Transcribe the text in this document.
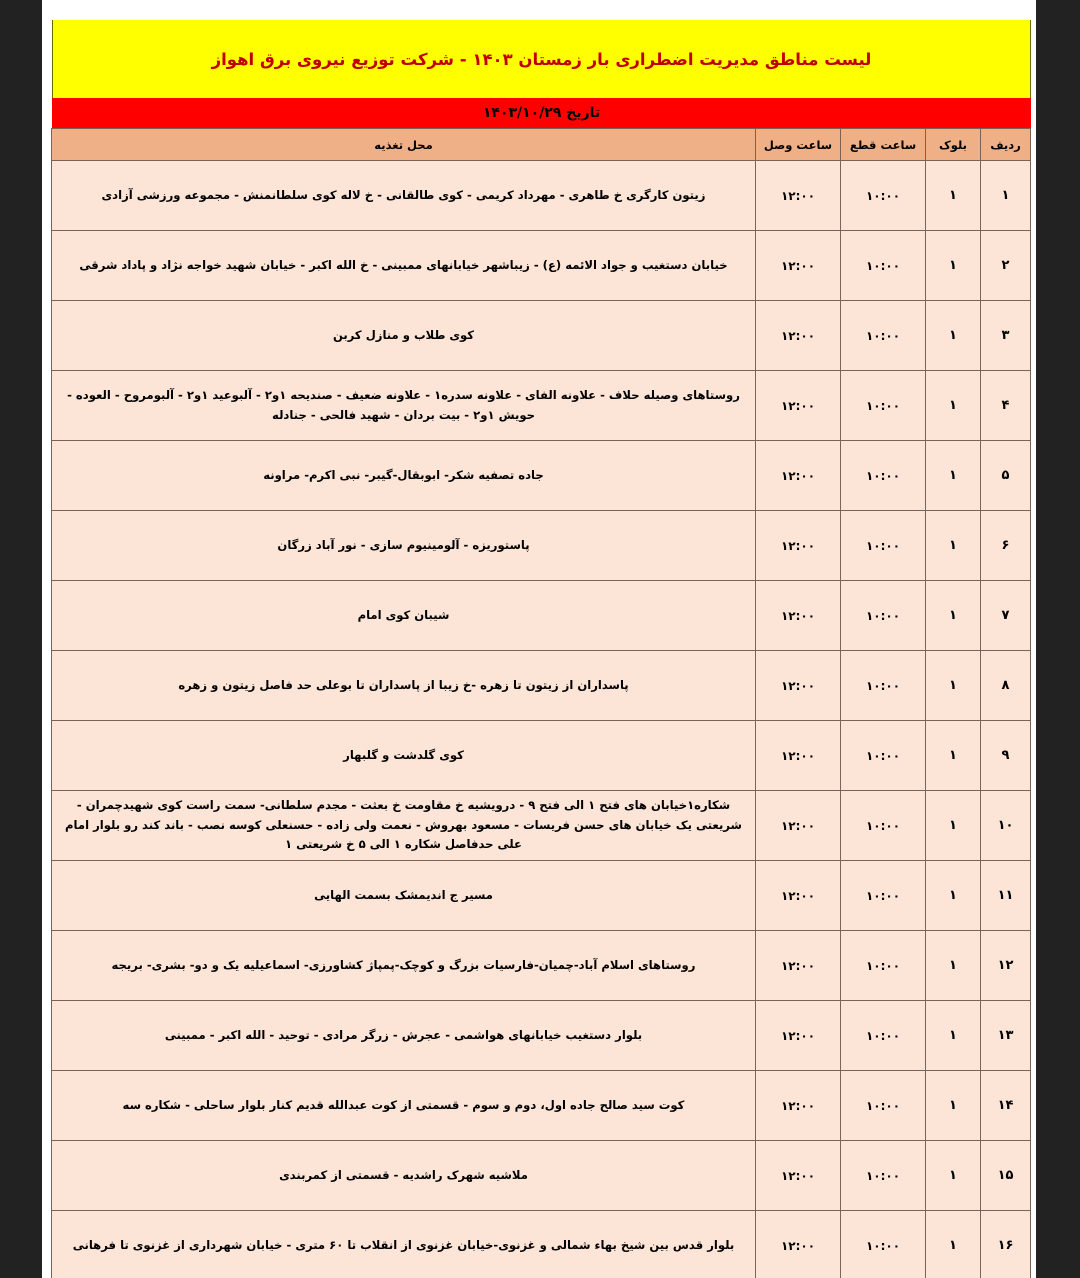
لیست مناطق مدیریت اضطراری بار زمستان ۱۴۰۳ - شرکت توزیع نیروی برق اهواز
تاریخ ۱۴۰۳/۱۰/۲۹
ردیف	بلوک	ساعت قطع	ساعت وصل	محل تغذیه
۱	۱	۱۰:۰۰	۱۲:۰۰	زیتون کارگری خ طاهری - مهرداد کریمی - کوی طالقانی - خ لاله کوی سلطانمنش - مجموعه ورزشی آزادی
۲	۱	۱۰:۰۰	۱۲:۰۰	خیابان دستغیب و جواد الائمه (ع) - زیباشهر خیابانهای ممبینی - خ الله اکبر - خیابان شهید خواجه نژاد و پاداد شرقی
۳	۱	۱۰:۰۰	۱۲:۰۰	کوی طلاب و منازل کربن
۴	۱	۱۰:۰۰	۱۲:۰۰	روستاهای وصیله حلاف - علاونه الفای - علاونه سدره۱ - علاونه ضعیف - صندیحه ۱و۲ - آلبوعید ۱و۲ - آلبومروح - العوده - حویش ۱و۲ - بیت بردان - شهید فالحی - جنادله
۵	۱	۱۰:۰۰	۱۲:۰۰	جاده تصفیه شکر- ابوبقال-گیبر- نبی اکرم- مراونه
۶	۱	۱۰:۰۰	۱۲:۰۰	پاستوریزه - آلومینیوم سازی - نور آباد زرگان
۷	۱	۱۰:۰۰	۱۲:۰۰	شیبان کوی امام
۸	۱	۱۰:۰۰	۱۲:۰۰	پاسداران از زیتون تا زهره -خ زیبا از پاسداران تا بوعلی حد فاصل زیتون و زهره
۹	۱	۱۰:۰۰	۱۲:۰۰	کوی گلدشت و گلبهار
۱۰	۱	۱۰:۰۰	۱۲:۰۰	شکاره۱خیابان های فتح ۱ الی فتح ۹ - درویشیه خ مقاومت خ بعثت - مجدم سلطانی- سمت راست کوی شهیدچمران - شریعتی یک خیابان های حسن فریسات - مسعود بهروش - نعمت ولی زاده - حسنعلی کوسه نصب - باند کند رو بلوار امام علی حدفاصل شکاره ۱ الی ۵ خ شریعتی ۱
۱۱	۱	۱۰:۰۰	۱۲:۰۰	مسیر ج اندیمشک بسمت الهایی
۱۲	۱	۱۰:۰۰	۱۲:۰۰	روستاهای اسلام آباد-چمیان-فارسیات بزرگ و کوچک-پمپاژ کشاورزی- اسماعیلیه یک و دو- بشری- بریجه
۱۳	۱	۱۰:۰۰	۱۲:۰۰	بلوار دستغیب خیابانهای هواشمی - عجرش - زرگر مرادی - توحید - الله اکبر - ممبینی
۱۴	۱	۱۰:۰۰	۱۲:۰۰	کوت سید صالح جاده اول، دوم و سوم - قسمتی از کوت عبدالله قدیم کنار بلوار ساحلی - شکاره سه
۱۵	۱	۱۰:۰۰	۱۲:۰۰	ملاشیه شهرک راشدیه - قسمتی از کمربندی
۱۶	۱	۱۰:۰۰	۱۲:۰۰	بلوار قدس بین شیخ بهاء شمالی و غزنوی-خیابان غزنوی از انقلاب تا ۶۰ متری - خیابان شهرداری از غزنوی تا فرهانی
